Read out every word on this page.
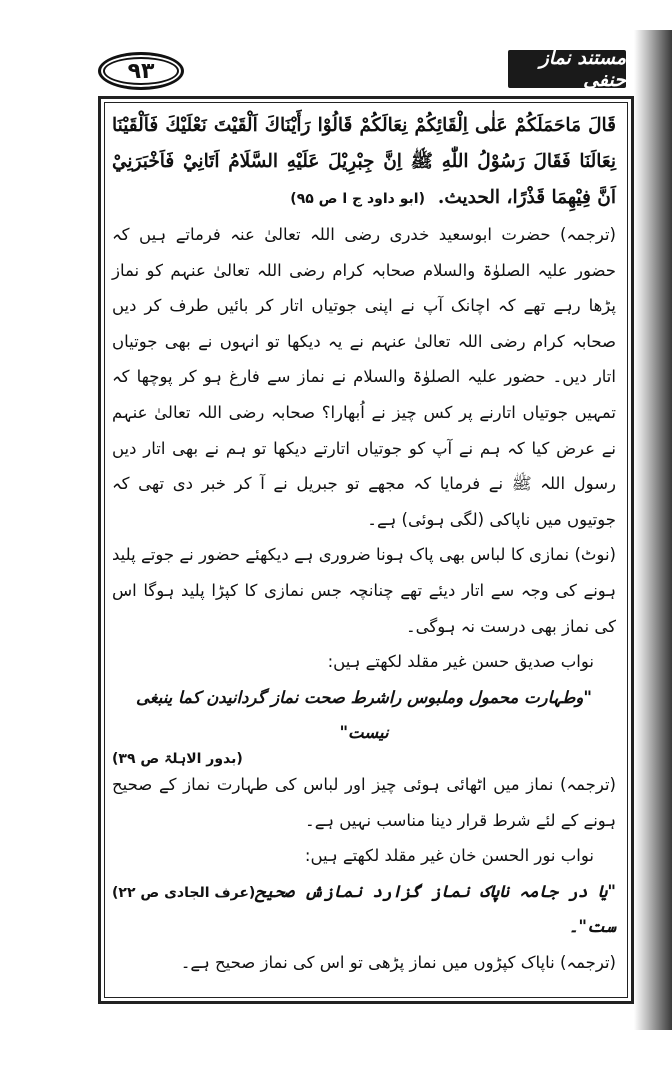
۹۳
مستند نماز حنفی

قَالَ مَاحَمَلَكُمْ عَلٰى اِلْقَائِكُمْ نِعَالَكُمْ قَالُوْا رَأَيْنَاكَ اَلْقَيْتَ نَعْلَيْكَ فَاَلْقَيْنَا نِعَالَنَا فَقَالَ رَسُوْلُ اللّٰهِ ﷺ اِنَّ جِبْرِيْلَ عَلَيْهِ السَّلَامُ اَتَانِيْ فَاَخْبَرَنِيْ اَنَّ فِيْهِمَا قَذْرًا، الحديث.  (ابو داود ج ا ص ۹۵)

(ترجمہ) حضرت ابوسعید خدری رضی اللہ تعالیٰ عنہ فرماتے ہیں کہ حضور علیہ الصلوٰۃ والسلام صحابہ کرام رضی اللہ تعالیٰ عنہم کو نماز پڑھا رہے تھے کہ اچانک آپ نے اپنی جوتیاں اتار کر بائیں طرف کر دیں صحابہ کرام رضی اللہ تعالیٰ عنہم نے یہ دیکھا تو انہوں نے بھی جوتیاں اتار دیں۔ حضور علیہ الصلوٰۃ والسلام نے نماز سے فارغ ہو کر پوچھا کہ تمہیں جوتیاں اتارنے پر کس چیز نے اُبھارا؟ صحابہ رضی اللہ تعالیٰ عنہم نے عرض کیا کہ ہم نے آپ کو جوتیاں اتارتے دیکھا تو ہم نے بھی اتار دیں رسول اللہ ﷺ نے فرمایا کہ مجھے تو جبریل نے آ کر خبر دی تھی کہ جوتیوں میں ناپاکی (لگی ہوئی) ہے۔

(نوٹ) نمازی کا لباس بھی پاک ہونا ضروری ہے دیکھئے حضور نے جوتے پلید ہونے کی وجہ سے اتار دیئے تھے چنانچہ جس نمازی کا کپڑا پلید ہوگا اس کی نماز بھی درست نہ ہوگی۔

نواب صدیق حسن غیر مقلد لکھتے ہیں:

"وطہارت محمول وملبوس راشرط صحت نماز گردانیدن کما ینبغی نیست"

(بدور الاہلۃ ص ۳۹)

(ترجمہ) نماز میں اٹھائی ہوئی چیز اور لباس کی طہارت نماز کے صحیح ہونے کے لئے شرط قرار دینا مناسب نہیں ہے۔

نواب نور الحسن خان غیر مقلد لکھتے ہیں:

"یا در جامہ ناپاک نماز گزارد نمازش صحیح ست"۔
(عرف الجادی ص ۲۲)

(ترجمہ) ناپاک کپڑوں میں نماز پڑھی تو اس کی نماز صحیح ہے۔
